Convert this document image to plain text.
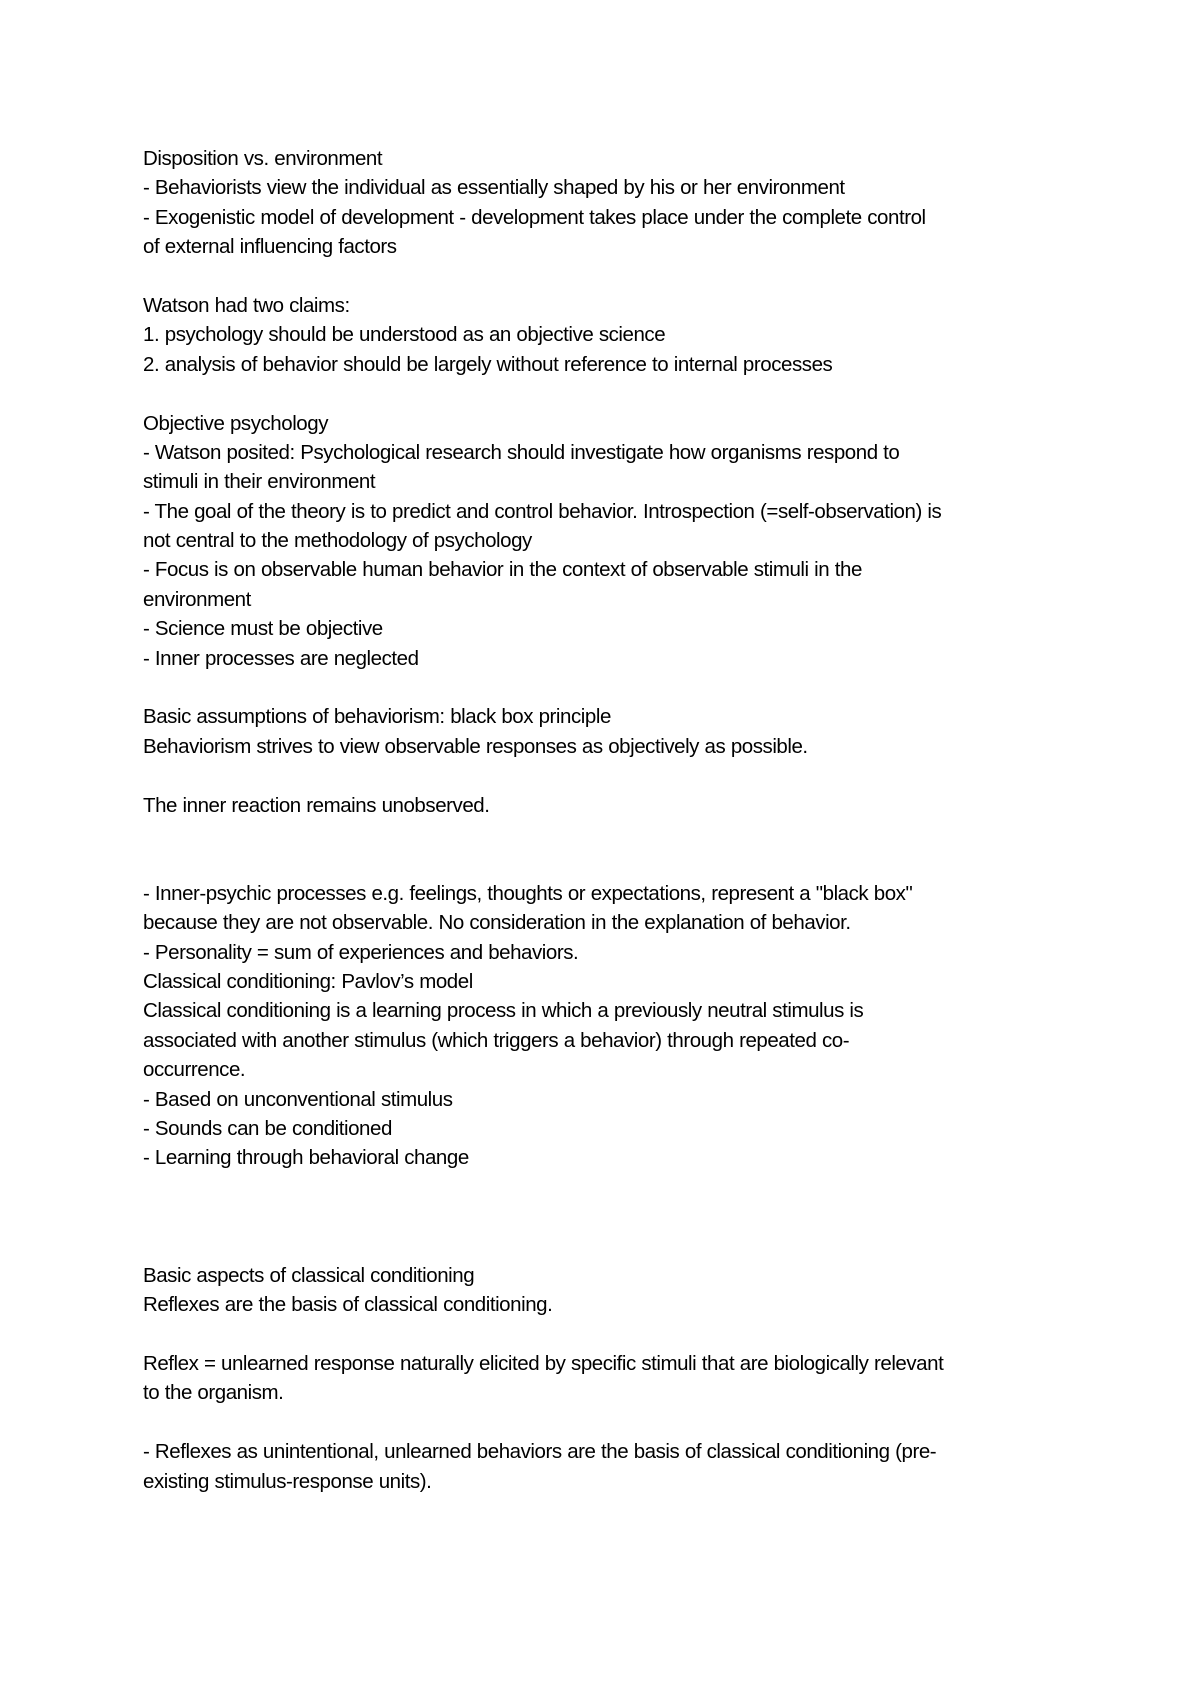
Disposition vs. environment
- Behaviorists view the individual as essentially shaped by his or her environment
- Exogenistic model of development - development takes place under the complete control
of external influencing factors
Watson had two claims:
1. psychology should be understood as an objective science
2. analysis of behavior should be largely without reference to internal processes
Objective psychology
- Watson posited: Psychological research should investigate how organisms respond to
stimuli in their environment
- The goal of the theory is to predict and control behavior. Introspection (=self-observation) is
not central to the methodology of psychology
- Focus is on observable human behavior in the context of observable stimuli in the
environment
- Science must be objective
- Inner processes are neglected
Basic assumptions of behaviorism: black box principle
Behaviorism strives to view observable responses as objectively as possible.
The inner reaction remains unobserved.
- Inner-psychic processes e.g. feelings, thoughts or expectations, represent a "black box"
because they are not observable. No consideration in the explanation of behavior.
- Personality = sum of experiences and behaviors.
Classical conditioning: Pavlov’s model
Classical conditioning is a learning process in which a previously neutral stimulus is
associated with another stimulus (which triggers a behavior) through repeated co-
occurrence.
- Based on unconventional stimulus
- Sounds can be conditioned
- Learning through behavioral change
Basic aspects of classical conditioning
Reflexes are the basis of classical conditioning.
Reflex = unlearned response naturally elicited by specific stimuli that are biologically relevant
to the organism.
- Reflexes as unintentional, unlearned behaviors are the basis of classical conditioning (pre-
existing stimulus-response units).
